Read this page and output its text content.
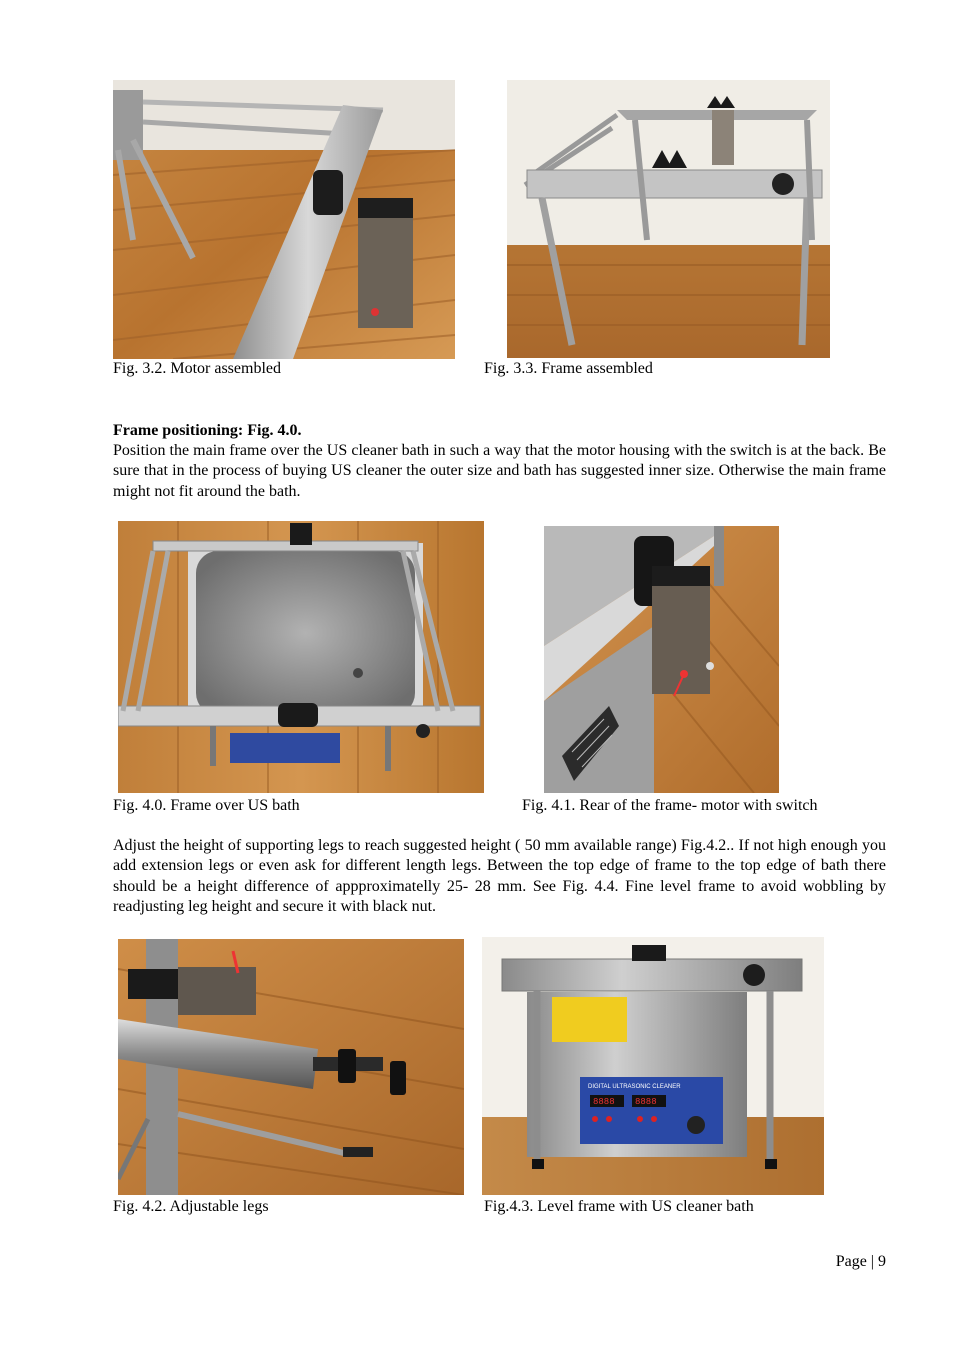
Fig. 3.2. Motor assembled	Fig. 3.3. Frame assembled
Frame positioning: Fig. 4.0.
Position the main frame over the US cleaner bath in such a way that the motor housing with the switch is at the back. Be sure that in the process of buying US cleaner the outer size and bath has suggested inner size. Otherwise the main frame might not fit around the bath.
Fig. 4.0. Frame over US bath	Fig. 4.1. Rear of the frame- motor with switch
Adjust the height of supporting legs to reach suggested height ( 50 mm available range) Fig.4.2.. If not high enough you add extension legs or even ask for different length legs. Between the top edge of frame to the top edge of bath there should be a height difference of appproximatelly 25- 28 mm. See Fig. 4.4. Fine level frame to avoid wobbling by readjusting leg height and secure it with black nut.
Fig. 4.2. Adjustable legs
DIGITAL ULTRASONIC CLEANER
8888 8888
Fig.4.3. Level frame with US cleaner bath
Page | 9
